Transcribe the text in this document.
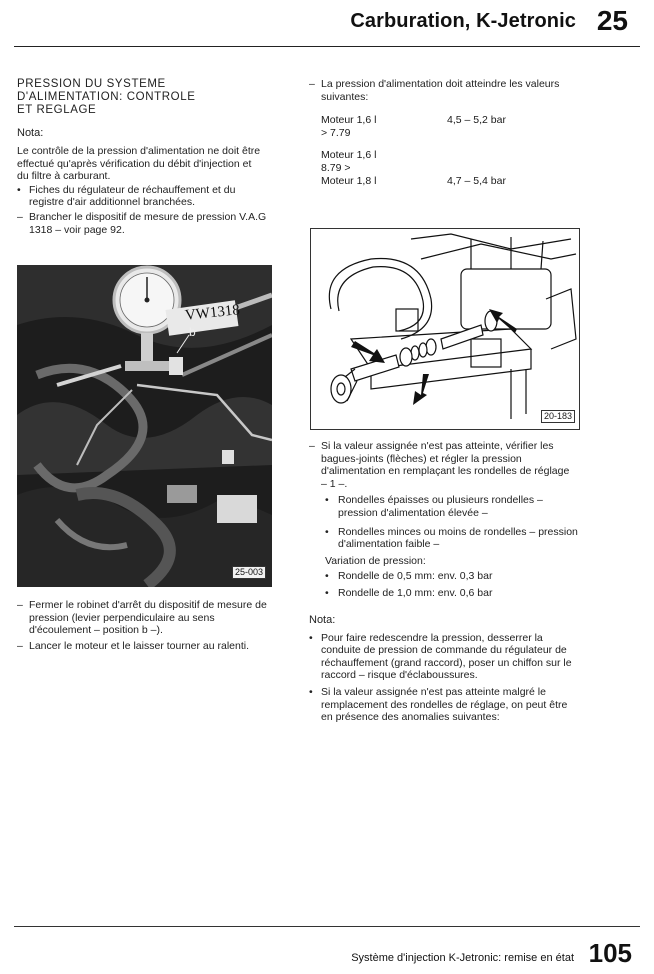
Carburation, K-Jetronic 25
PRESSION DU SYSTEME
D'ALIMENTATION: CONTROLE
ET REGLAGE
Nota:
Le contrôle de la pression d'alimentation ne doit être effectué qu'après vérification du débit d'injection et du filtre à carburant.
• Fiches du régulateur de réchauffement et du registre d'air additionnel branchées.
– Brancher le dispositif de mesure de pression V.A.G 1318 – voir page 92.
VW1318
b
25-003
– Fermer le robinet d'arrêt du dispositif de mesure de pression (levier perpendiculaire au sens d'écoulement – position b –).
– Lancer le moteur et le laisser tourner au ralenti.
– La pression d'alimentation doit atteindre les valeurs suivantes:
Moteur 1,6 l	4,5 – 5,2 bar
> 7.79
Moteur 1,6 l
8.79 >
Moteur 1,8 l	4,7 – 5,4 bar
20-183
– Si la valeur assignée n'est pas atteinte, vérifier les bagues-joints (flèches) et régler la pression d'alimentation en remplaçant les rondelles de réglage – 1 –.
• Rondelles épaisses ou plusieurs rondelles – pression d'alimentation élevée –
• Rondelles minces ou moins de rondelles – pression d'alimentation faible –
Variation de pression:
• Rondelle de 0,5 mm: env. 0,3 bar
• Rondelle de 1,0 mm: env. 0,6 bar
Nota:
• Pour faire redescendre la pression, desserrer la conduite de pression de commande du régulateur de réchauffement (grand raccord), poser un chiffon sur le raccord – risque d'éclaboussures.
• Si la valeur assignée n'est pas atteinte malgré le remplacement des rondelles de réglage, on peut être en présence des anomalies suivantes:
Système d'injection K-Jetronic: remise en état 105
